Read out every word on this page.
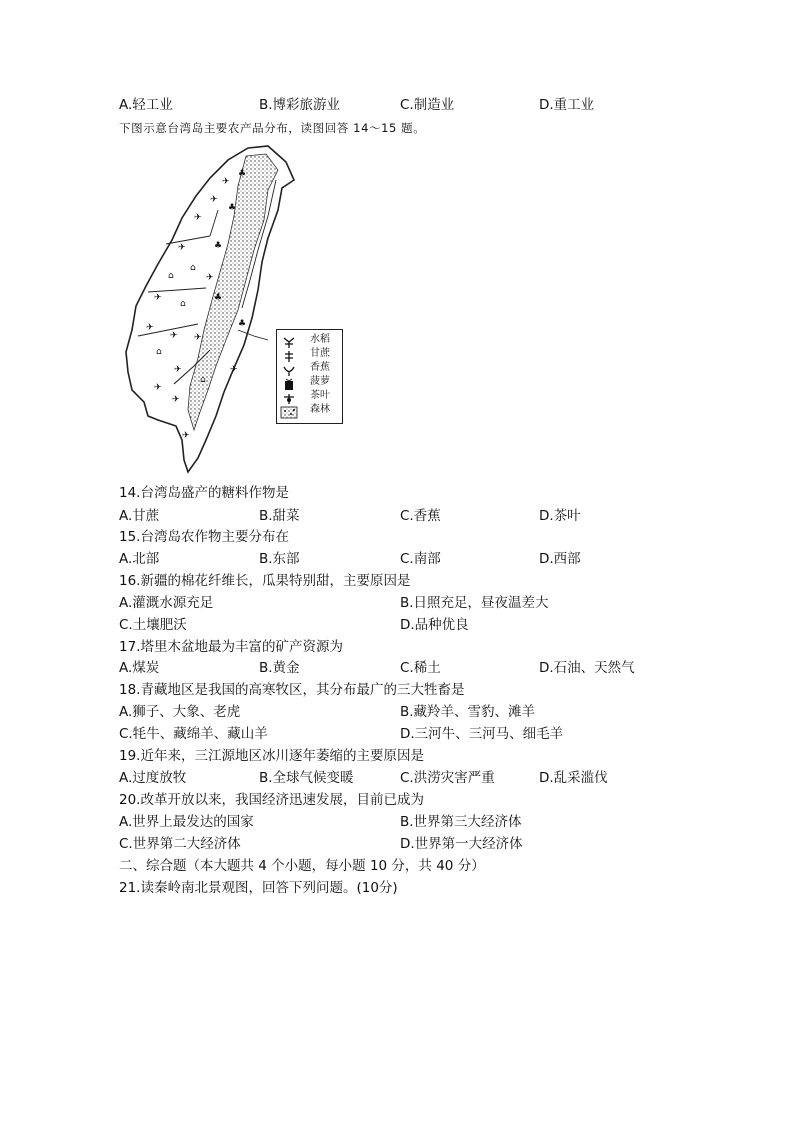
A.轻工业	B.博彩旅游业	C.制造业	D.重工业
下图示意台湾岛主要农产品分布，读图回答 14～15 题。
✈
♣
✈
♣
✈
✈	♣
⌂
⌂	✈
✈
⌂
♣
✈
✈ ✈
⌂
♣
✈
✈
✈
⌂
✈
✈
水稻
甘蔗
香蕉
菠萝
茶叶
森林
14.台湾岛盛产的糖料作物是
A.甘蔗	B.甜菜	C.香蕉	D.茶叶
15.台湾岛农作物主要分布在
A.北部	B.东部	C.南部	D.西部
16.新疆的棉花纤维长，瓜果特别甜，主要原因是
A.灌溉水源充足	B.日照充足，昼夜温差大
C.土壤肥沃	D.品种优良
17.塔里木盆地最为丰富的矿产资源为
A.煤炭	B.黄金	C.稀土	D.石油、天然气
18.青藏地区是我国的高寒牧区，其分布最广的三大牲畜是
A.狮子、大象、老虎	B.藏羚羊、雪豹、滩羊
C.牦牛、藏绵羊、藏山羊	D.三河牛、三河马、细毛羊
19.近年来，三江源地区冰川逐年萎缩的主要原因是
A.过度放牧	B.全球气候变暖	C.洪涝灾害严重	D.乱采滥伐
20.改革开放以来，我国经济迅速发展，目前已成为
A.世界上最发达的国家	B.世界第三大经济体
C.世界第二大经济体	D.世界第一大经济体
二、综合题（本大题共 4 个小题，每小题 10 分，共 40 分）
21.读秦岭南北景观图，回答下列问题。(10分)
